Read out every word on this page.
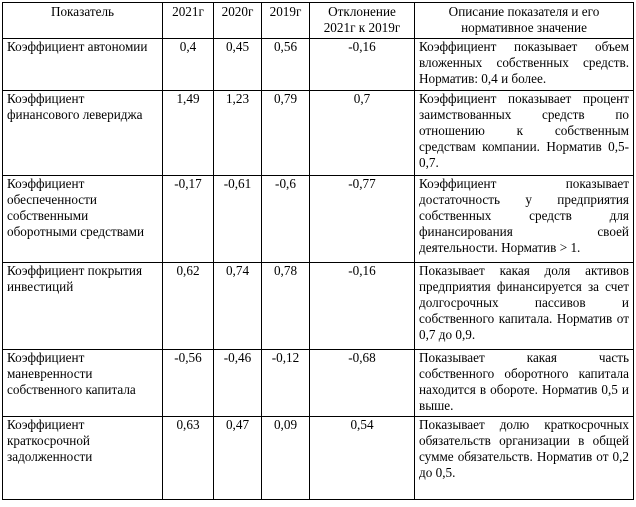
Показатель	2021г	2020г	2019г	Отклонение 2021г к 2019г	Описание показателя и его нормативное значение
Коэффициент автономии	0,4	0,45	0,56	-0,16	Коэффициент показывает объем вложенных собственных средств. Норматив: 0,4 и более.
Коэффициент финансового левериджа	1,49	1,23	0,79	0,7	Коэффициент показывает процент заимствованных средств по отношению к собственным средствам компании. Норматив 0,5-0,7.
Коэффициент обеспеченности собственными оборотными средствами	-0,17	-0,61	-0,6	-0,77	Коэффициент показывает достаточность у предприятия собственных средств для финансирования своей деятельности. Норматив > 1.
Коэффициент покрытия инвестиций	0,62	0,74	0,78	-0,16	Показывает какая доля активов предприятия финансируется за счет долгосрочных пассивов и собственного капитала. Норматив от 0,7 до 0,9.
Коэффициент маневренности собственного капитала	-0,56	-0,46	-0,12	-0,68	Показывает какая часть собственного оборотного капитала находится в обороте. Норматив 0,5 и выше.
Коэффициент краткосрочной задолженности	0,63	0,47	0,09	0,54	Показывает долю краткосрочных обязательств организации в общей сумме обязательств. Норматив от 0,2 до 0,5.
